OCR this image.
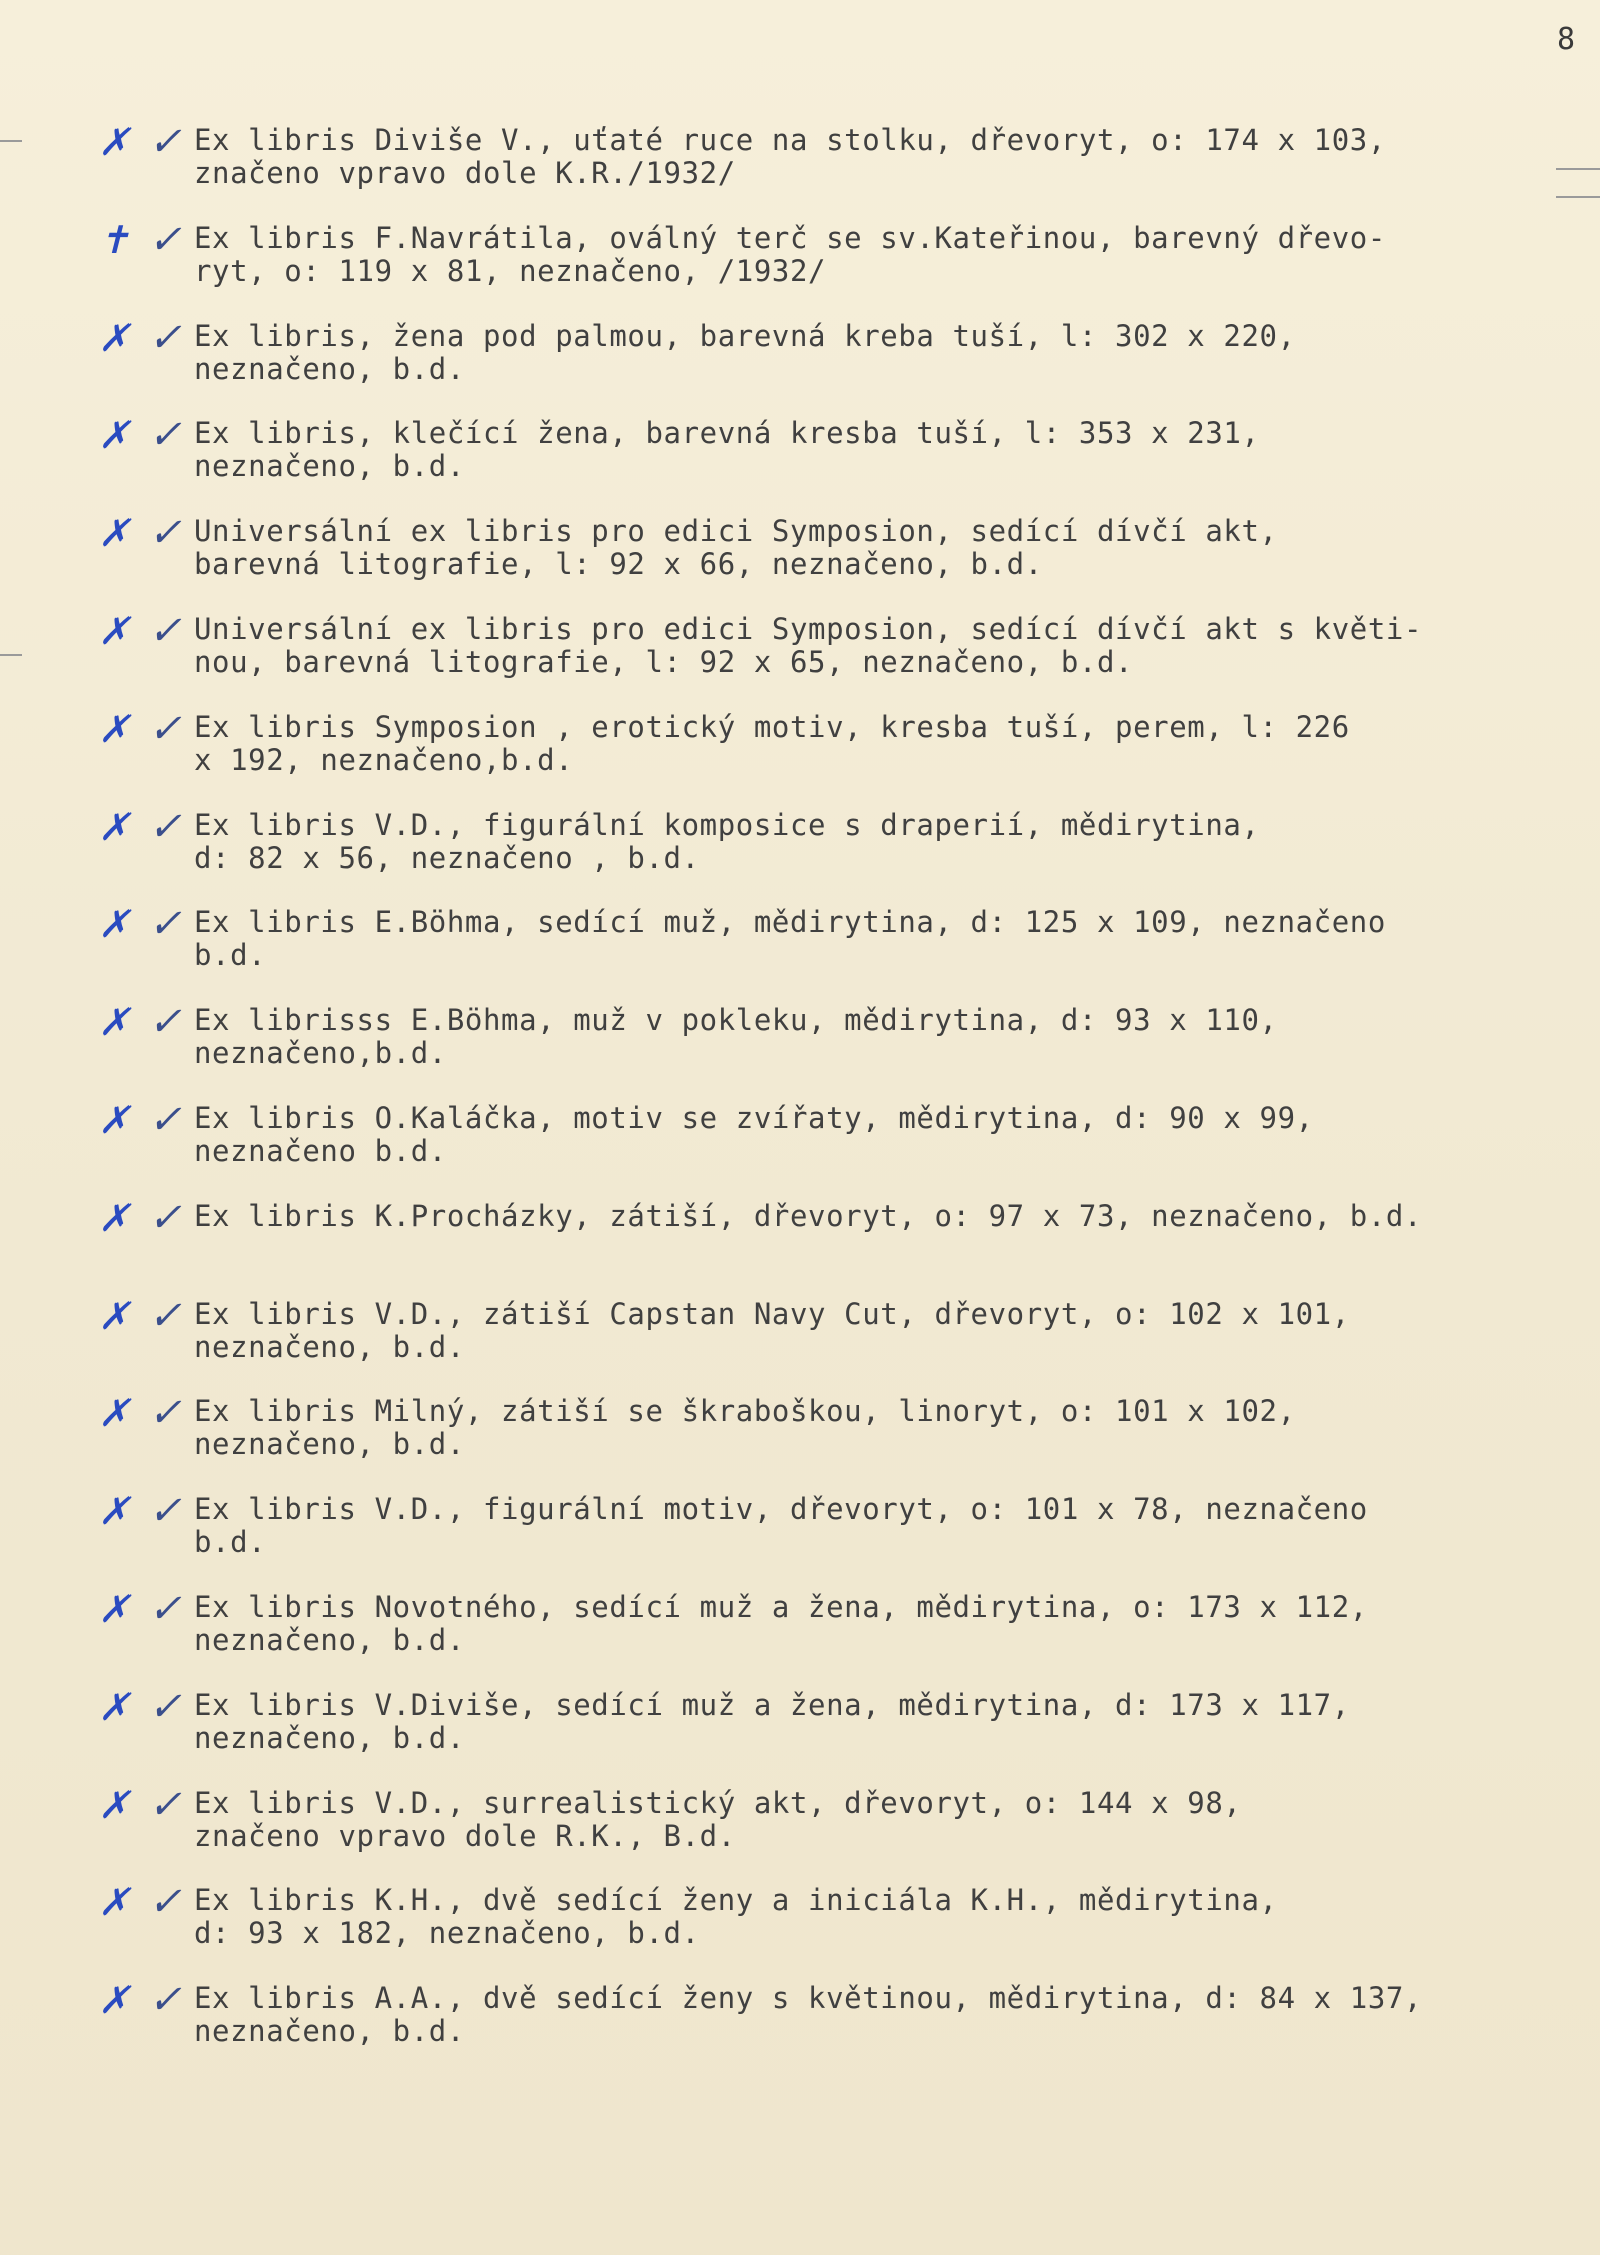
8
✗ ✓ Ex libris Diviše V., uťaté ruce na stolku, dřevoryt, o: 174 x 103,
značeno vpravo dole K.R./1932/
✝ ✓ Ex libris F.Navrátila, oválný terč se sv.Kateřinou, barevný dřevo-
ryt, o: 119 x 81, neznačeno, /1932/
✗ ✓ Ex libris, žena pod palmou, barevná kreba tuší, l: 302 x 220,
neznačeno, b.d.
✗ ✓ Ex libris, klečící žena, barevná kresba tuší, l: 353 x 231,
neznačeno, b.d.
✗ ✓ Universální ex libris pro edici Symposion, sedící dívčí akt,
barevná litografie, l: 92 x 66, neznačeno, b.d.
✗ ✓ Universální ex libris pro edici Symposion, sedící dívčí akt s květi-
nou, barevná litografie, l: 92 x 65, neznačeno, b.d.
✗ ✓ Ex libris Symposion , erotický motiv, kresba tuší, perem, l: 226
x 192, neznačeno,b.d.
✗ ✓ Ex libris V.D., figurální komposice s draperií, mědirytina,
d: 82 x 56, neznačeno , b.d.
✗ ✓ Ex libris E.Böhma, sedící muž, mědirytina, d: 125 x 109, neznačeno
b.d.
✗ ✓ Ex librisss E.Böhma, muž v pokleku, mědirytina, d: 93 x 110,
neznačeno,b.d.
✗ ✓ Ex libris O.Kaláčka, motiv se zvířaty, mědirytina, d: 90 x 99,
neznačeno b.d.
✗ ✓ Ex libris K.Procházky, zátiší, dřevoryt, o: 97 x 73, neznačeno, b.d.
✗ ✓ Ex libris V.D., zátiší Capstan Navy Cut, dřevoryt, o: 102 x 101,
neznačeno, b.d.
✗ ✓ Ex libris Milný, zátiší se škraboškou, linoryt, o: 101 x 102,
neznačeno, b.d.
✗ ✓ Ex libris V.D., figurální motiv, dřevoryt, o: 101 x 78, neznačeno
b.d.
✗ ✓ Ex libris Novotného, sedící muž a žena, mědirytina, o: 173 x 112,
neznačeno, b.d.
✗ ✓ Ex libris V.Diviše, sedící muž a žena, mědirytina, d: 173 x 117,
neznačeno, b.d.
✗ ✓ Ex libris V.D., surrealistický akt, dřevoryt, o: 144 x 98,
značeno vpravo dole R.K., B.d.
✗ ✓ Ex libris K.H., dvě sedící ženy a iniciála K.H., mědirytina,
d: 93 x 182, neznačeno, b.d.
✗ ✓ Ex libris A.A., dvě sedící ženy s květinou, mědirytina, d: 84 x 137,
neznačeno, b.d.
